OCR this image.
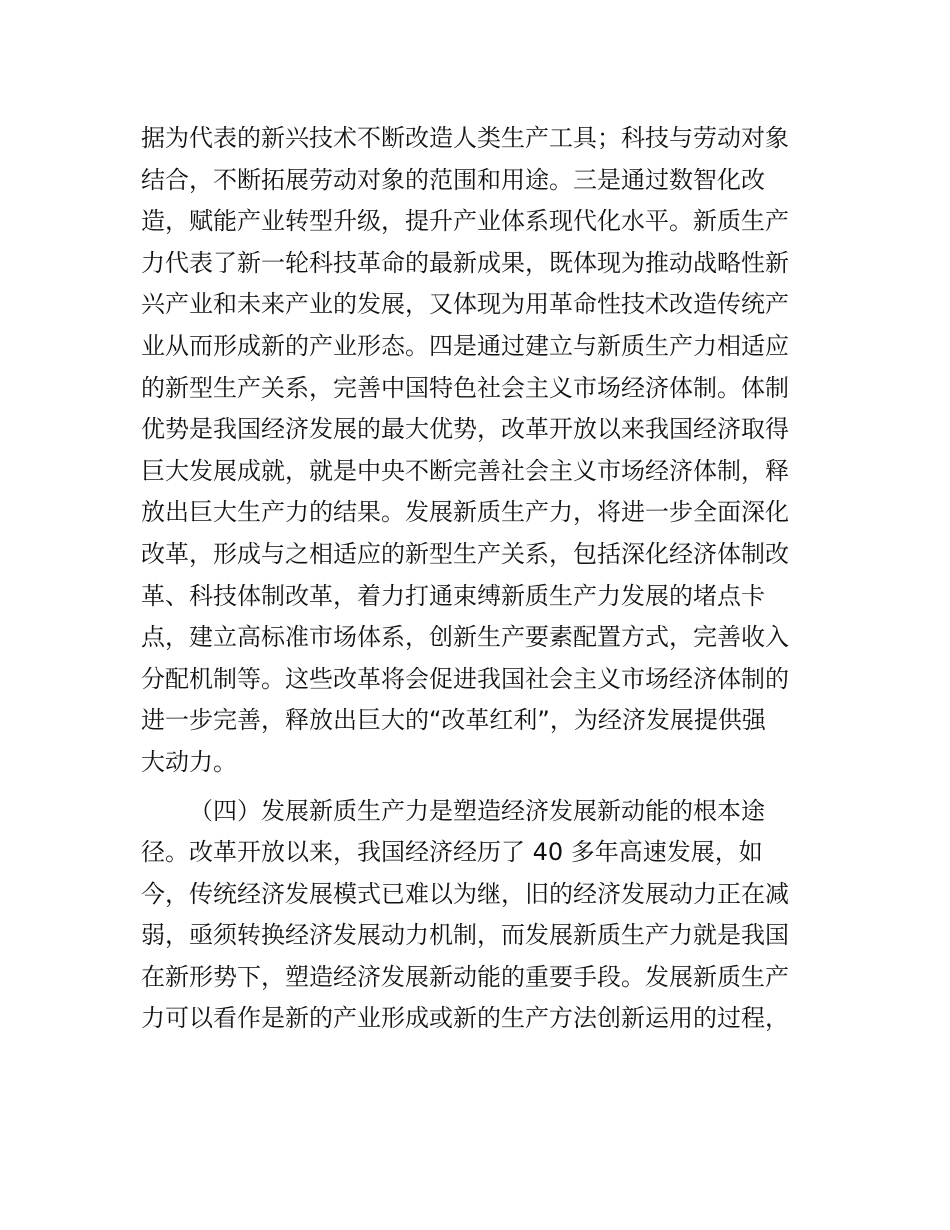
据为代表的新兴技术不断改造人类生产工具；科技与劳动对象
结合，不断拓展劳动对象的范围和用途。三是通过数智化改
造，赋能产业转型升级，提升产业体系现代化水平。新质生产
力代表了新一轮科技革命的最新成果，既体现为推动战略性新
兴产业和未来产业的发展，又体现为用革命性技术改造传统产
业从而形成新的产业形态。四是通过建立与新质生产力相适应
的新型生产关系，完善中国特色社会主义市场经济体制。体制
优势是我国经济发展的最大优势，改革开放以来我国经济取得
巨大发展成就，就是中央不断完善社会主义市场经济体制，释
放出巨大生产力的结果。发展新质生产力，将进一步全面深化
改革，形成与之相适应的新型生产关系，包括深化经济体制改
革、科技体制改革，着力打通束缚新质生产力发展的堵点卡
点，建立高标准市场体系，创新生产要素配置方式，完善收入
分配机制等。这些改革将会促进我国社会主义市场经济体制的
进一步完善，释放出巨大的“改革红利”，为经济发展提供强
大动力。
（四）发展新质生产力是塑造经济发展新动能的根本途
径。改革开放以来，我国经济经历了 40 多年高速发展，如
今，传统经济发展模式已难以为继，旧的经济发展动力正在减
弱，亟须转换经济发展动力机制，而发展新质生产力就是我国
在新形势下，塑造经济发展新动能的重要手段。发展新质生产
力可以看作是新的产业形成或新的生产方法创新运用的过程，
